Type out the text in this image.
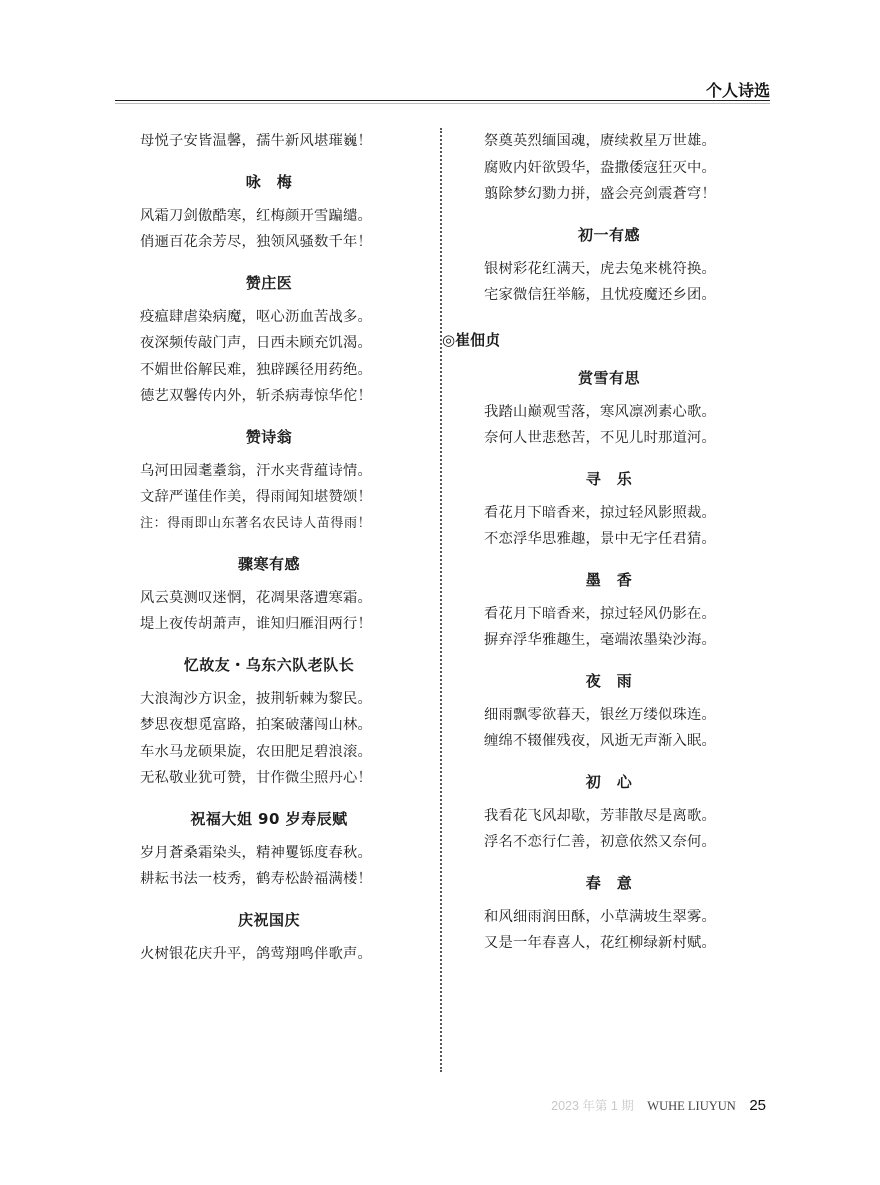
个人诗选
母悦子安皆温馨，孺牛新风堪璀巍！
咏　梅
风霜刀剑傲酷寒，红梅颜开雪蹁缱。
俏逦百花余芳尽，独领风骚数千年！
赞庄医
疫瘟肆虐染病魔，呕心沥血苦战多。
夜深频传敲门声，日西未顾充饥渴。
不媚世俗解民难，独辟蹊径用药绝。
德艺双馨传内外，斩杀病毒惊华佗！
赞诗翁
乌河田园耄耋翁，汗水夹背蕴诗情。
文辞严谨佳作美，得雨闻知堪赞颂！
注：得雨即山东著名农民诗人苗得雨！
骤寒有感
风云莫测叹迷惘，花凋果落遭寒霜。
堤上夜传胡萧声，谁知归雁泪两行！
忆故友・乌东六队老队长
大浪淘沙方识金，披荆斩棘为黎民。
梦思夜想觅富路，拍案破藩闯山林。
车水马龙硕果旋，农田肥足碧浪滚。
无私敬业犹可赞，甘作微尘照丹心！
祝福大姐 90 岁寿辰赋
岁月蒼桑霜染头，精神矍铄度春秋。
耕耘书法一枝秀，鹤寿松龄福满楼！
庆祝国庆
火树银花庆升平，鸽莺翔鸣伴歌声。
祭奠英烈缅国魂，赓续救星万世雄。
腐败内奸欲毁华，盎撒倭寇狂灭中。
翦除梦幻勠力拼，盛会亮剑震蒼穹！
初一有感
银树彩花红满天，虎去兔来桃符换。
宅家微信狂举觞，且忧疫魔还乡团。
◎崔佃贞
赏雪有思
我踏山巅观雪落，寒风凛冽素心歌。
奈何人世悲愁苦，不见儿时那道河。
寻　乐
看花月下暗香来，掠过轻风影照裁。
不恋浮华思雅趣，景中无字任君猜。
墨　香
看花月下暗香来，掠过轻风仍影在。
摒弃浮华雅趣生，毫端浓墨染沙海。
夜　雨
细雨飘零欲暮天，银丝万缕似珠连。
缠绵不辍催残夜，风逝无声渐入眠。
初　心
我看花飞风却歇，芳菲散尽是离歌。
浮名不恋行仁善，初意依然又奈何。
春　意
和风细雨润田酥，小草满坡生翠雾。
又是一年春喜人，花红柳绿新村赋。
2023 年第 1 期 WUHE LIUYUN 25
